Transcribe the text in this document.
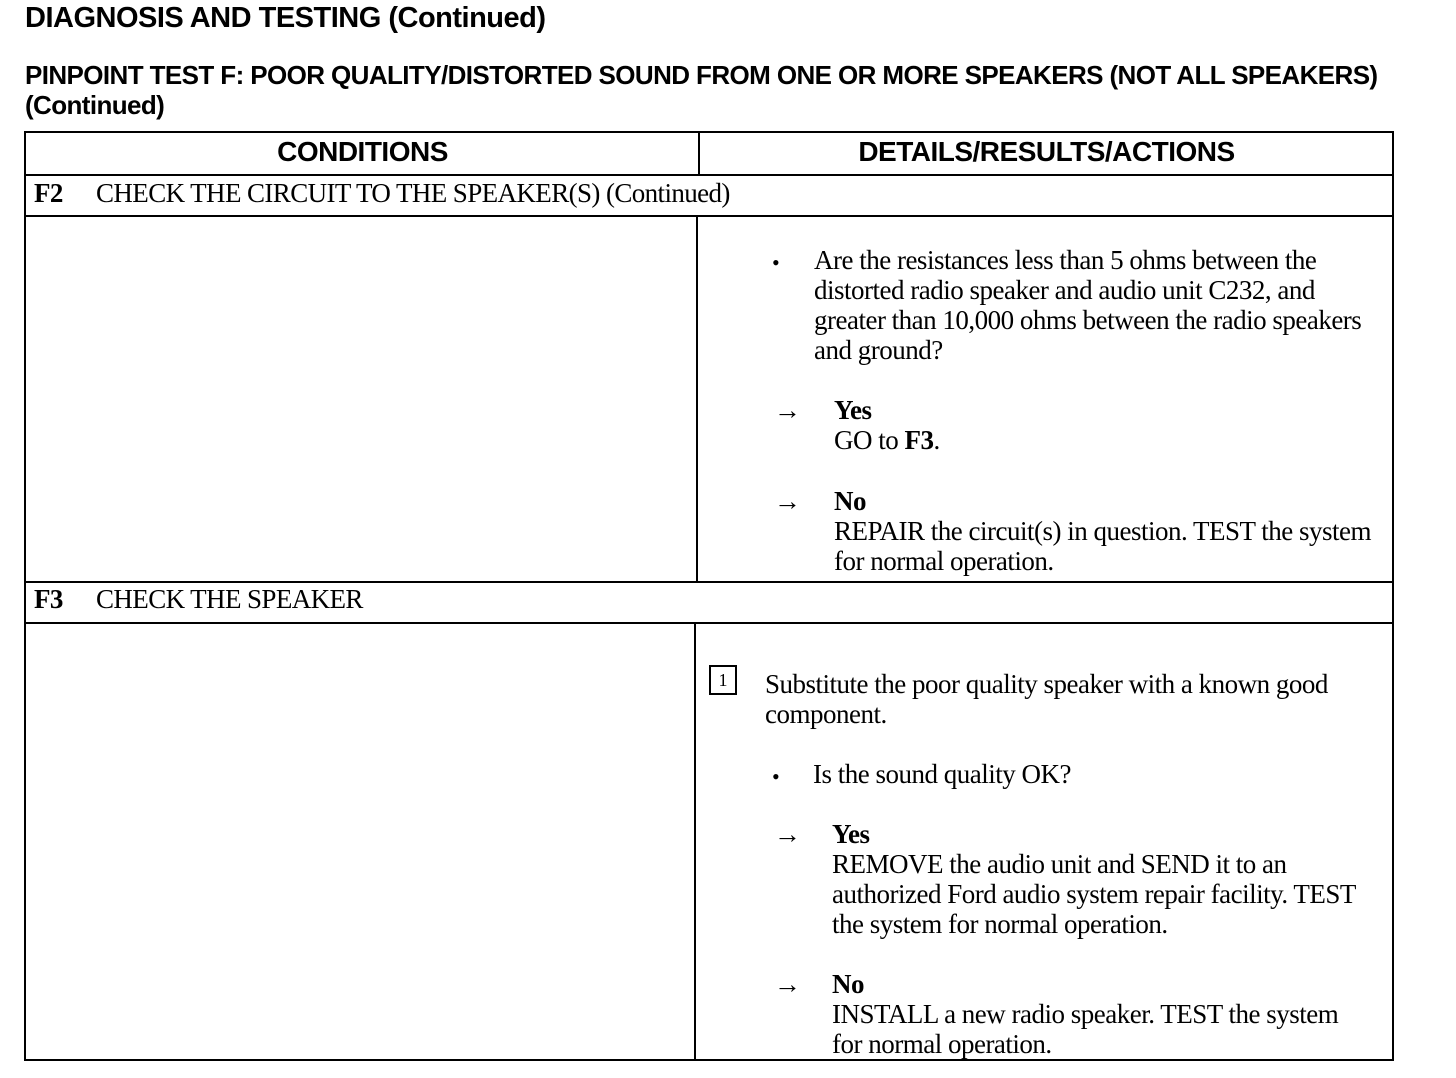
DIAGNOSIS AND TESTING (Continued)
PINPOINT TEST F: POOR QUALITY/DISTORTED SOUND FROM ONE OR MORE SPEAKERS (NOT ALL SPEAKERS) (Continued)
CONDITIONS	DETAILS/RESULTS/ACTIONS
F2 CHECK THE CIRCUIT TO THE SPEAKER(S) (Continued)
• Are the resistances less than 5 ohms between the distorted radio speaker and audio unit C232, and greater than 10,000 ohms between the radio speakers and ground?
→ Yes
GO to F3.
→ No
REPAIR the circuit(s) in question. TEST the system for normal operation.
F3 CHECK THE SPEAKER
1	Substitute the poor quality speaker with a known good component.
• Is the sound quality OK?
→ Yes
REMOVE the audio unit and SEND it to an authorized Ford audio system repair facility. TEST the system for normal operation.
→ No
INSTALL a new radio speaker. TEST the system for normal operation.
